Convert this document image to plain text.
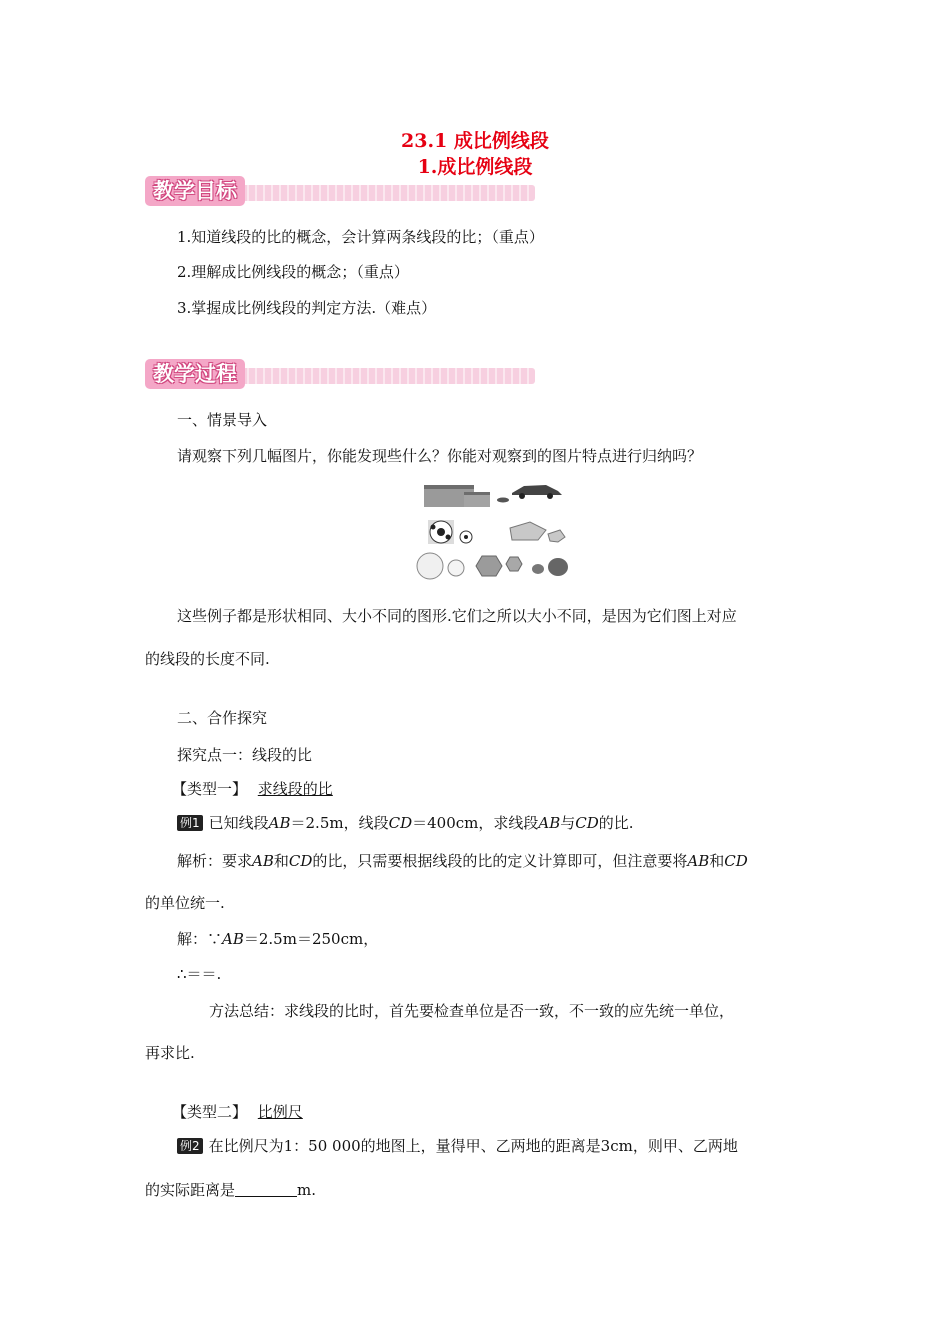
23.1 成比例线段
1.成比例线段
教学目标
1.知道线段的比的概念，会计算两条线段的比；（重点）
2.理解成比例线段的概念；（重点）
3.掌握成比例线段的判定方法.（难点）
教学过程
一、情景导入
请观察下列几幅图片，你能发现些什么？你能对观察到的图片特点进行归纳吗？
这些例子都是形状相同、大小不同的图形.它们之所以大小不同，是因为它们图上对应
的线段的长度不同.
二、合作探究
探究点一：线段的比
【类型一】 求线段的比
例1 已知线段AB＝2.5m，线段CD＝400cm，求线段AB与CD的比.
解析：要求AB和CD的比，只需要根据线段的比的定义计算即可，但注意要将AB和CD
的单位统一.
解：∵AB＝2.5m＝250cm，
∴＝＝.
方法总结：求线段的比时，首先要检查单位是否一致，不一致的应先统一单位，
再求比.
【类型二】 比例尺
例2 在比例尺为1：50 000的地图上，量得甲、乙两地的距离是3cm，则甲、乙两地
的实际距离是	m.
